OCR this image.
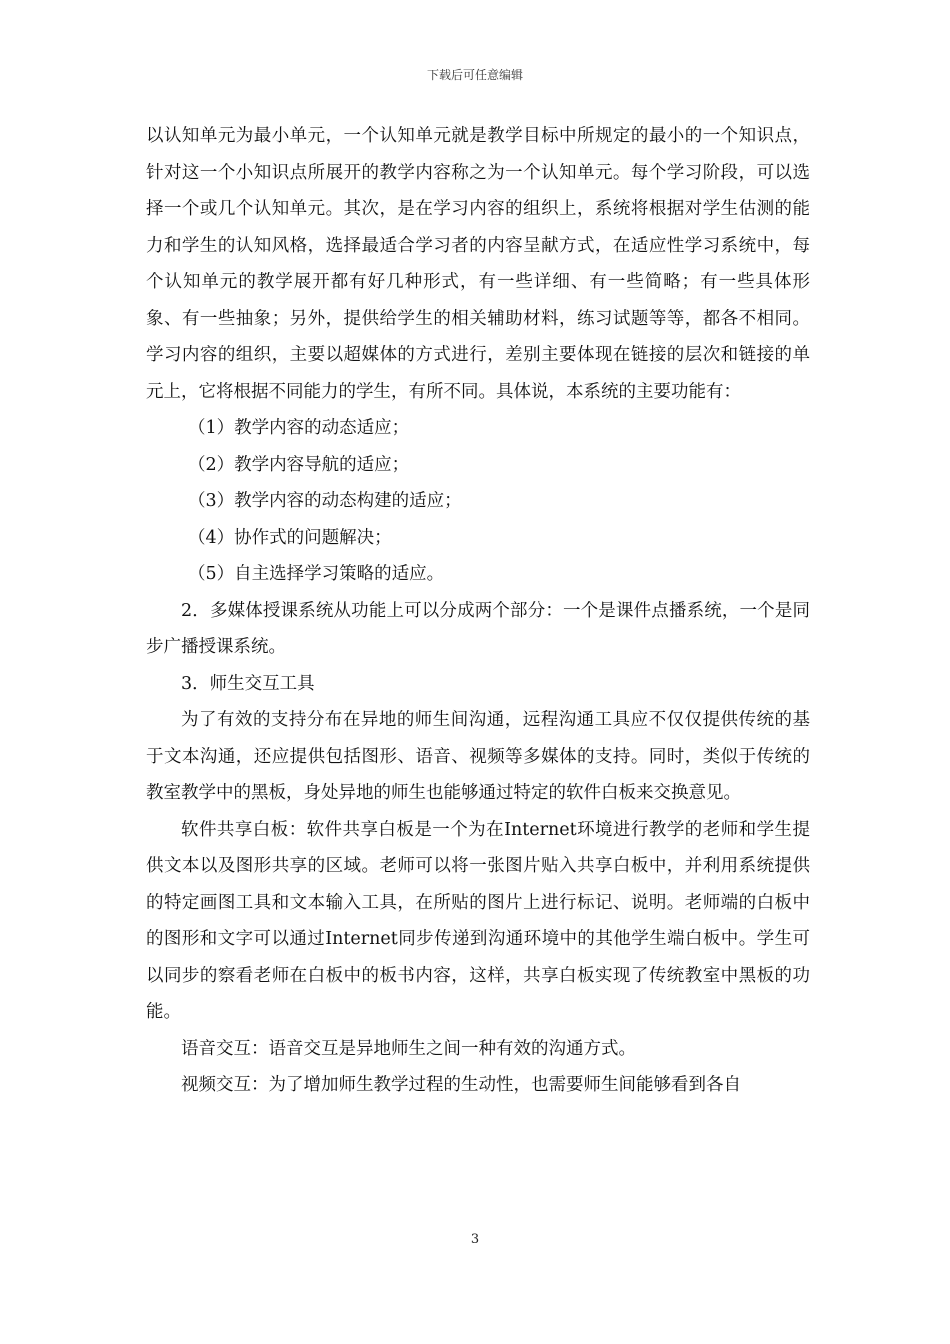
下载后可任意编辑

以认知单元为最小单元，一个认知单元就是教学目标中所规定的最小的一个知识点，针对这一个小知识点所展开的教学内容称之为一个认知单元。每个学习阶段，可以选择一个或几个认知单元。其次，是在学习内容的组织上，系统将根据对学生估测的能力和学生的认知风格，选择最适合学习者的内容呈献方式，在适应性学习系统中，每个认知单元的教学展开都有好几种形式，有一些详细、有一些简略；有一些具体形象、有一些抽象；另外，提供给学生的相关辅助材料，练习试题等等，都各不相同。学习内容的组织，主要以超媒体的方式进行，差别主要体现在链接的层次和链接的单元上，它将根据不同能力的学生，有所不同。具体说，本系统的主要功能有：

（1）教学内容的动态适应；

（2）教学内容导航的适应；

（3）教学内容的动态构建的适应；

（4）协作式的问题解决；

（5）自主选择学习策略的适应。

2．多媒体授课系统从功能上可以分成两个部分：一个是课件点播系统，一个是同步广播授课系统。

3．师生交互工具

为了有效的支持分布在异地的师生间沟通，远程沟通工具应不仅仅提供传统的基于文本沟通，还应提供包括图形、语音、视频等多媒体的支持。同时，类似于传统的教室教学中的黑板，身处异地的师生也能够通过特定的软件白板来交换意见。

软件共享白板：软件共享白板是一个为在Internet环境进行教学的老师和学生提供文本以及图形共享的区域。老师可以将一张图片贴入共享白板中，并利用系统提供的特定画图工具和文本输入工具，在所贴的图片上进行标记、说明。老师端的白板中的图形和文字可以通过Internet同步传递到沟通环境中的其他学生端白板中。学生可以同步的察看老师在白板中的板书内容，这样，共享白板实现了传统教室中黑板的功能。

语音交互：语音交互是异地师生之间一种有效的沟通方式。

视频交互：为了增加师生教学过程的生动性，也需要师生间能够看到各自

3
